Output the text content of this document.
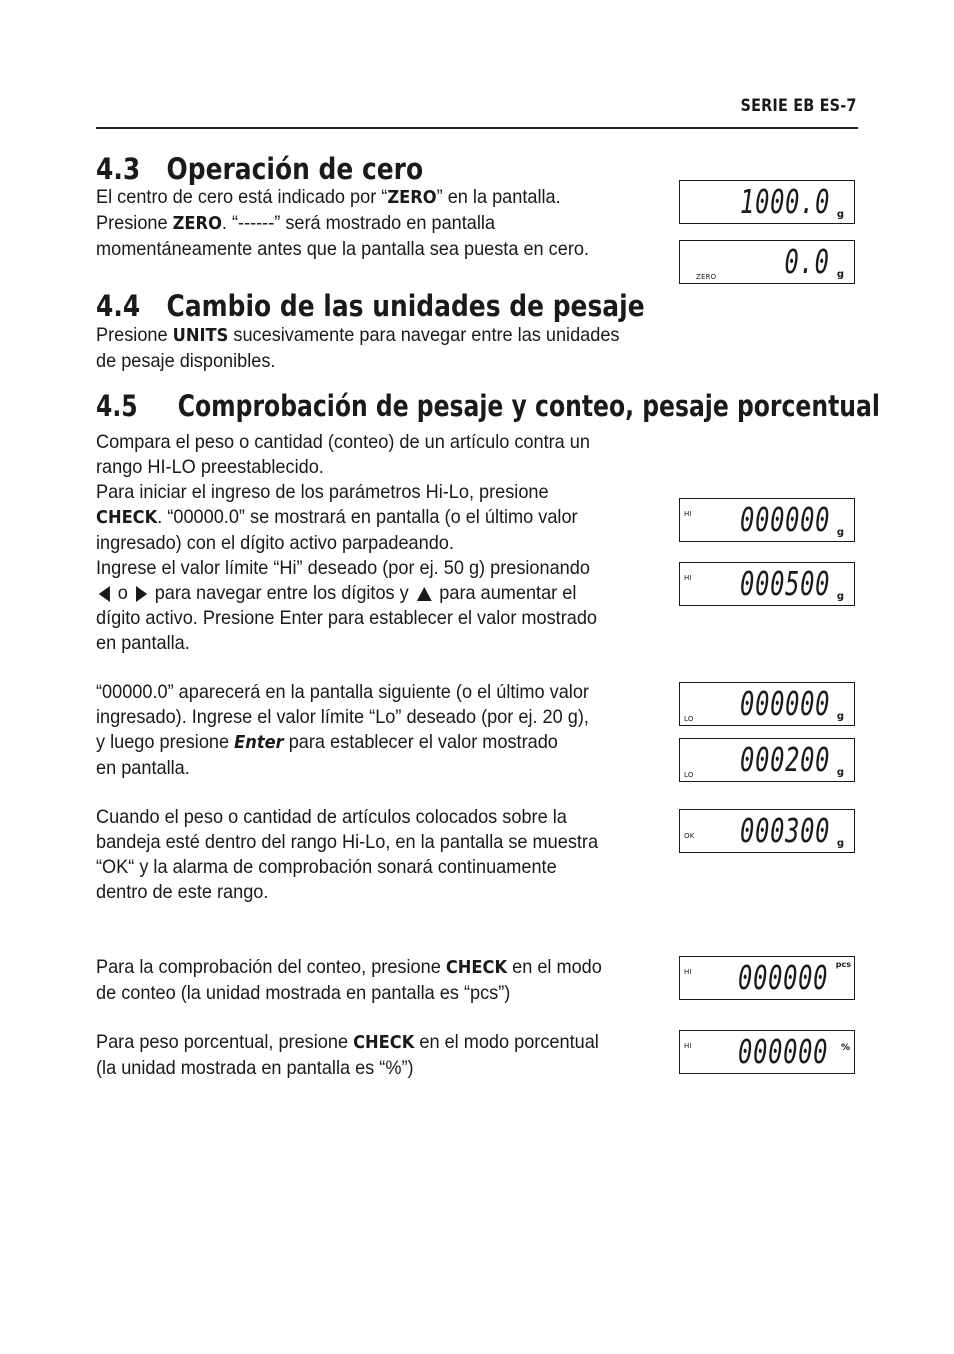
SERIE EB ES-7
4.3 Operación de cero
El centro de cero está indicado por “ZERO” en la pantalla.
Presione ZERO. “------” será mostrado en pantalla
momentáneamente antes que la pantalla sea puesta en cero.
4.4 Cambio de las unidades de pesaje
Presione UNITS sucesivamente para navegar entre las unidades
de pesaje disponibles.
4.5 Comprobación de pesaje y conteo, pesaje porcentual
Compara el peso o cantidad (conteo) de un artículo contra un
rango HI-LO preestablecido.
Para iniciar el ingreso de los parámetros Hi-Lo, presione
CHECK. “00000.0” se mostrará en pantalla (o el último valor
ingresado) con el dígito activo parpadeando.
Ingrese el valor límite “Hi” deseado (por ej. 50 g) presionando
o  para navegar entre los dígitos y  para aumentar el
dígito activo. Presione Enter para establecer el valor mostrado
en pantalla.
“00000.0” aparecerá en la pantalla siguiente (o el último valor
ingresado). Ingrese el valor límite “Lo” deseado (por ej. 20 g),
y luego presione Enter para establecer el valor mostrado
en pantalla.
Cuando el peso o cantidad de artículos colocados sobre la
bandeja esté dentro del rango Hi-Lo, en la pantalla se muestra
“OK“ y la alarma de comprobación sonará continuamente
dentro de este rango.
Para la comprobación del conteo, presione CHECK en el modo
de conteo (la unidad mostrada en pantalla es “pcs”)
Para peso porcentual, presione CHECK en el modo porcentual
(la unidad mostrada en pantalla es “%”)
1000.0 g
ZERO 0.0 g
HI 000000 g
HI 000500 g
LO 000000 g
LO 000200 g
OK 000300 g
HI 000000 pcs
HI 000000 %
